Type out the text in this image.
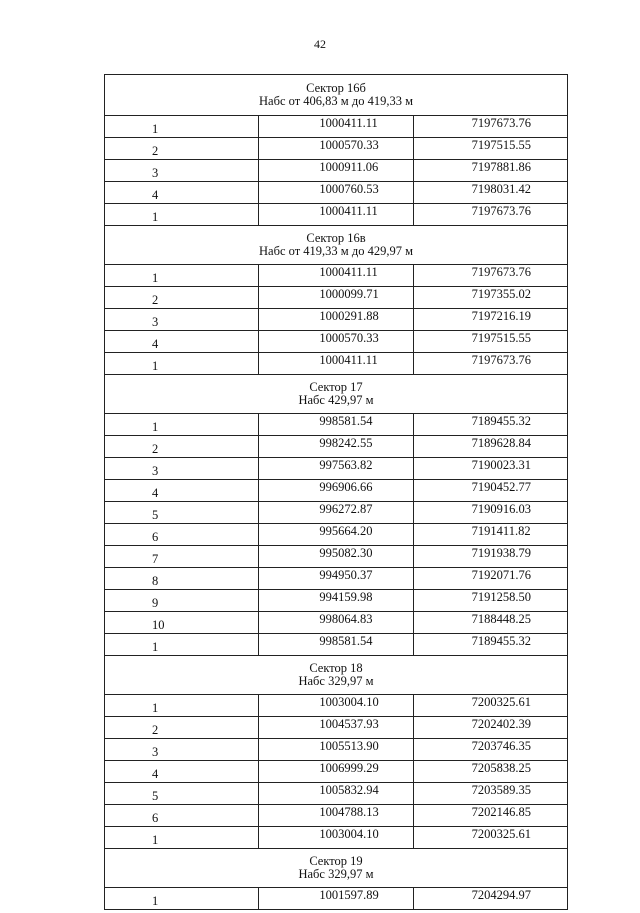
42
Сектор 16б
Набс от 406,83 м до 419,33 м		

1	1000411.11	7197673.76
2	1000570.33	7197515.55
3	1000911.06	7197881.86
4	1000760.53	7198031.42
1	1000411.11	7197673.76

Сектор 16в
Набс от 419,33 м до 429,97 м		

1	1000411.11	7197673.76
2	1000099.71	7197355.02
3	1000291.88	7197216.19
4	1000570.33	7197515.55
1	1000411.11	7197673.76

Сектор 17
Набс 429,97 м		

1	998581.54	7189455.32
2	998242.55	7189628.84
3	997563.82	7190023.31
4	996906.66	7190452.77
5	996272.87	7190916.03
6	995664.20	7191411.82
7	995082.30	7191938.79
8	994950.37	7192071.76
9	994159.98	7191258.50
10	998064.83	7188448.25
1	998581.54	7189455.32

Сектор 18
Набс 329,97 м		

1	1003004.10	7200325.61
2	1004537.93	7202402.39
3	1005513.90	7203746.35
4	1006999.29	7205838.25
5	1005832.94	7203589.35
6	1004788.13	7202146.85
1	1003004.10	7200325.61

Сектор 19
Набс 329,97 м		

1	1001597.89	7204294.97
